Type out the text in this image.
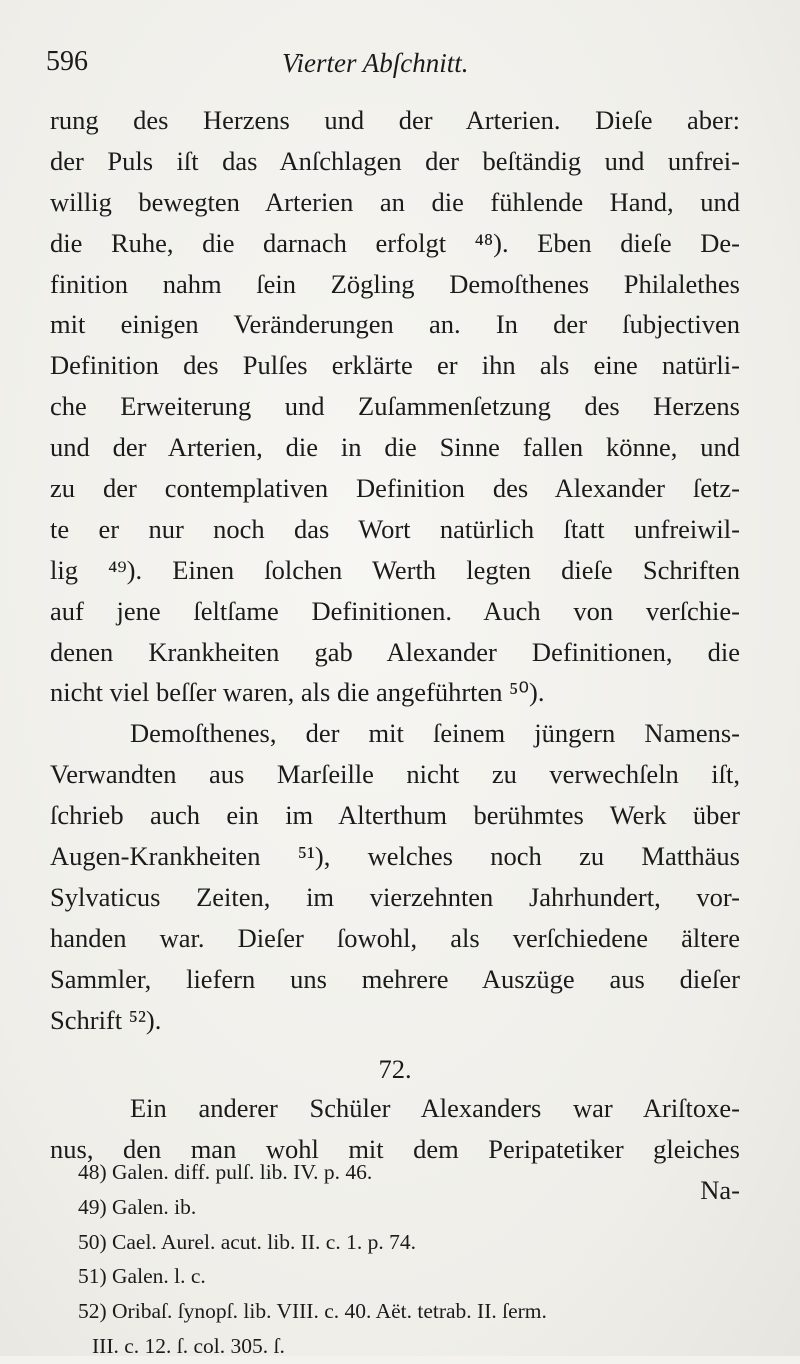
596	Vierter Abſchnitt.
rung des Herzens und der Arterien. Dieſe aber:
der Puls iſt das Anſchlagen der beſtändig und unfrei-
willig bewegten Arterien an die fühlende Hand, und
die Ruhe, die darnach erfolgt ⁴⁸). Eben dieſe De-
finition nahm ſein Zögling Demoſthenes Philalethes
mit einigen Veränderungen an. In der ſubjectiven
Definition des Pulſes erklärte er ihn als eine natürli-
che Erweiterung und Zuſammenſetzung des Herzens
und der Arterien, die in die Sinne fallen könne, und
zu der contemplativen Definition des Alexander ſetz-
te er nur noch das Wort natürlich ſtatt unfreiwil-
lig ⁴⁹). Einen ſolchen Werth legten dieſe Schriften
auf jene ſeltſame Definitionen. Auch von verſchie-
denen Krankheiten gab Alexander Definitionen, die
nicht viel beſſer waren, als die angeführten ⁵⁰).
Demoſthenes, der mit ſeinem jüngern Namens-
Verwandten aus Marſeille nicht zu verwechſeln iſt,
ſchrieb auch ein im Alterthum berühmtes Werk über
Augen-Krankheiten ⁵¹), welches noch zu Matthäus
Sylvaticus Zeiten, im vierzehnten Jahrhundert, vor-
handen war. Dieſer ſowohl, als verſchiedene ältere
Sammler, liefern uns mehrere Auszüge aus dieſer
Schrift ⁵²).
72.
Ein anderer Schüler Alexanders war Ariſtoxe-
nus, den man wohl mit dem Peripatetiker gleiches
Na-
48) Galen. diff. pulſ. lib. IV. p. 46.
49) Galen. ib.
50) Cael. Aurel. acut. lib. II. c. 1. p. 74.
51) Galen. l. c.
52) Oribaſ. ſynopſ. lib. VIII. c. 40. Aët. tetrab. II. ſerm.
III. c. 12. ſ. col. 305. ſ.
